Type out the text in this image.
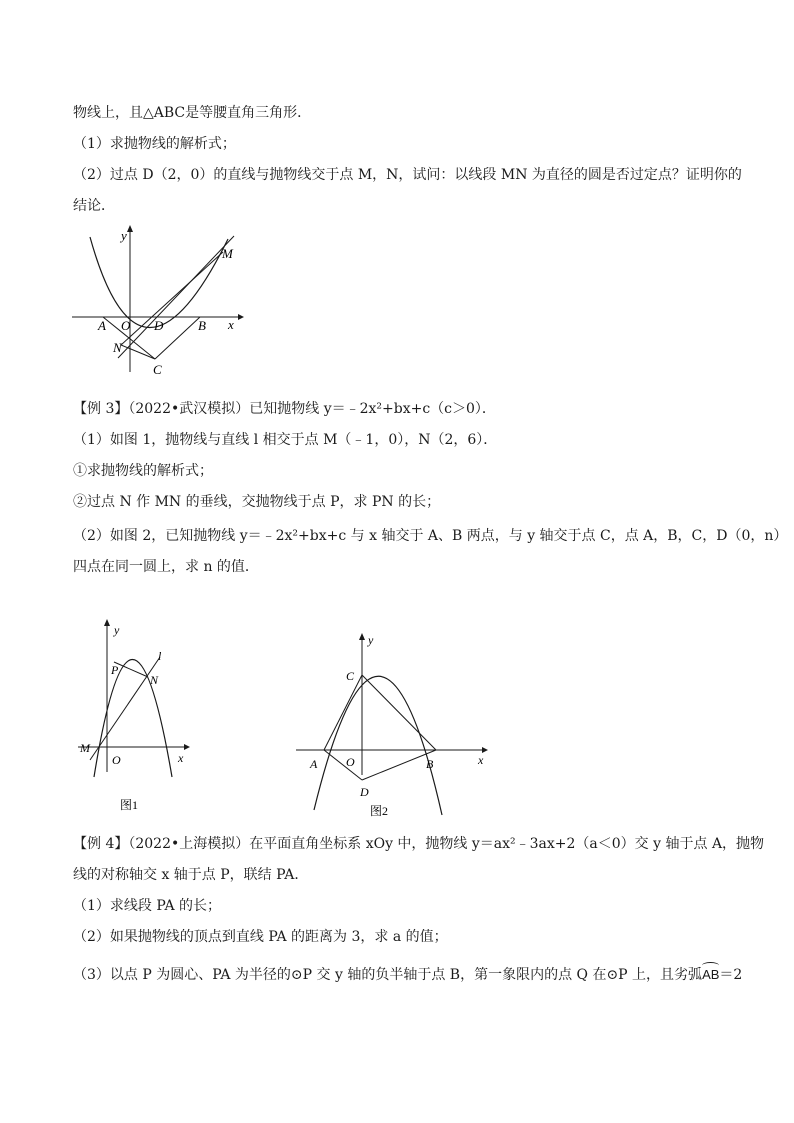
物线上，且△ABC是等腰直角三角形．
（1）求抛物线的解析式；
（2）过点 D（2，0）的直线与抛物线交于点 M，N，试问：以线段 MN 为直径的圆是否过定点？证明你的
结论．
y
x
A O D	B
M
N
C
【例 3】（2022•武汉模拟）已知抛物线 y＝﹣2x²+bx+c（c＞0）．
（1）如图 1，抛物线与直线 l 相交于点 M（﹣1，0），N（2，6）．
①求抛物线的解析式；
②过点 N 作 MN 的垂线，交抛物线于点 P，求 PN 的长；
（2）如图 2，已知抛物线 y＝﹣2x²+bx+c 与 x 轴交于 A、B 两点，与 y 轴交于点 C，点 A，B，C，D（0，n）
四点在同一圆上，求 n 的值．
y
x
O
M
P
N
l
图1
y
x
O
A	B
C
D
图2
【例 4】（2022•上海模拟）在平面直角坐标系 xOy 中，抛物线 y＝ax²﹣3ax+2（a＜0）交 y 轴于点 A，抛物
线的对称轴交 x 轴于点 P，联结 PA．
（1）求线段 PA 的长；
（2）如果抛物线的顶点到直线 PA 的距离为 3，求 a 的值；
（3）以点 P 为圆心、PA 为半径的⊙P 交 y 轴的负半轴于点 B，第一象限内的点 Q 在⊙P 上，且劣弧AB＝2
